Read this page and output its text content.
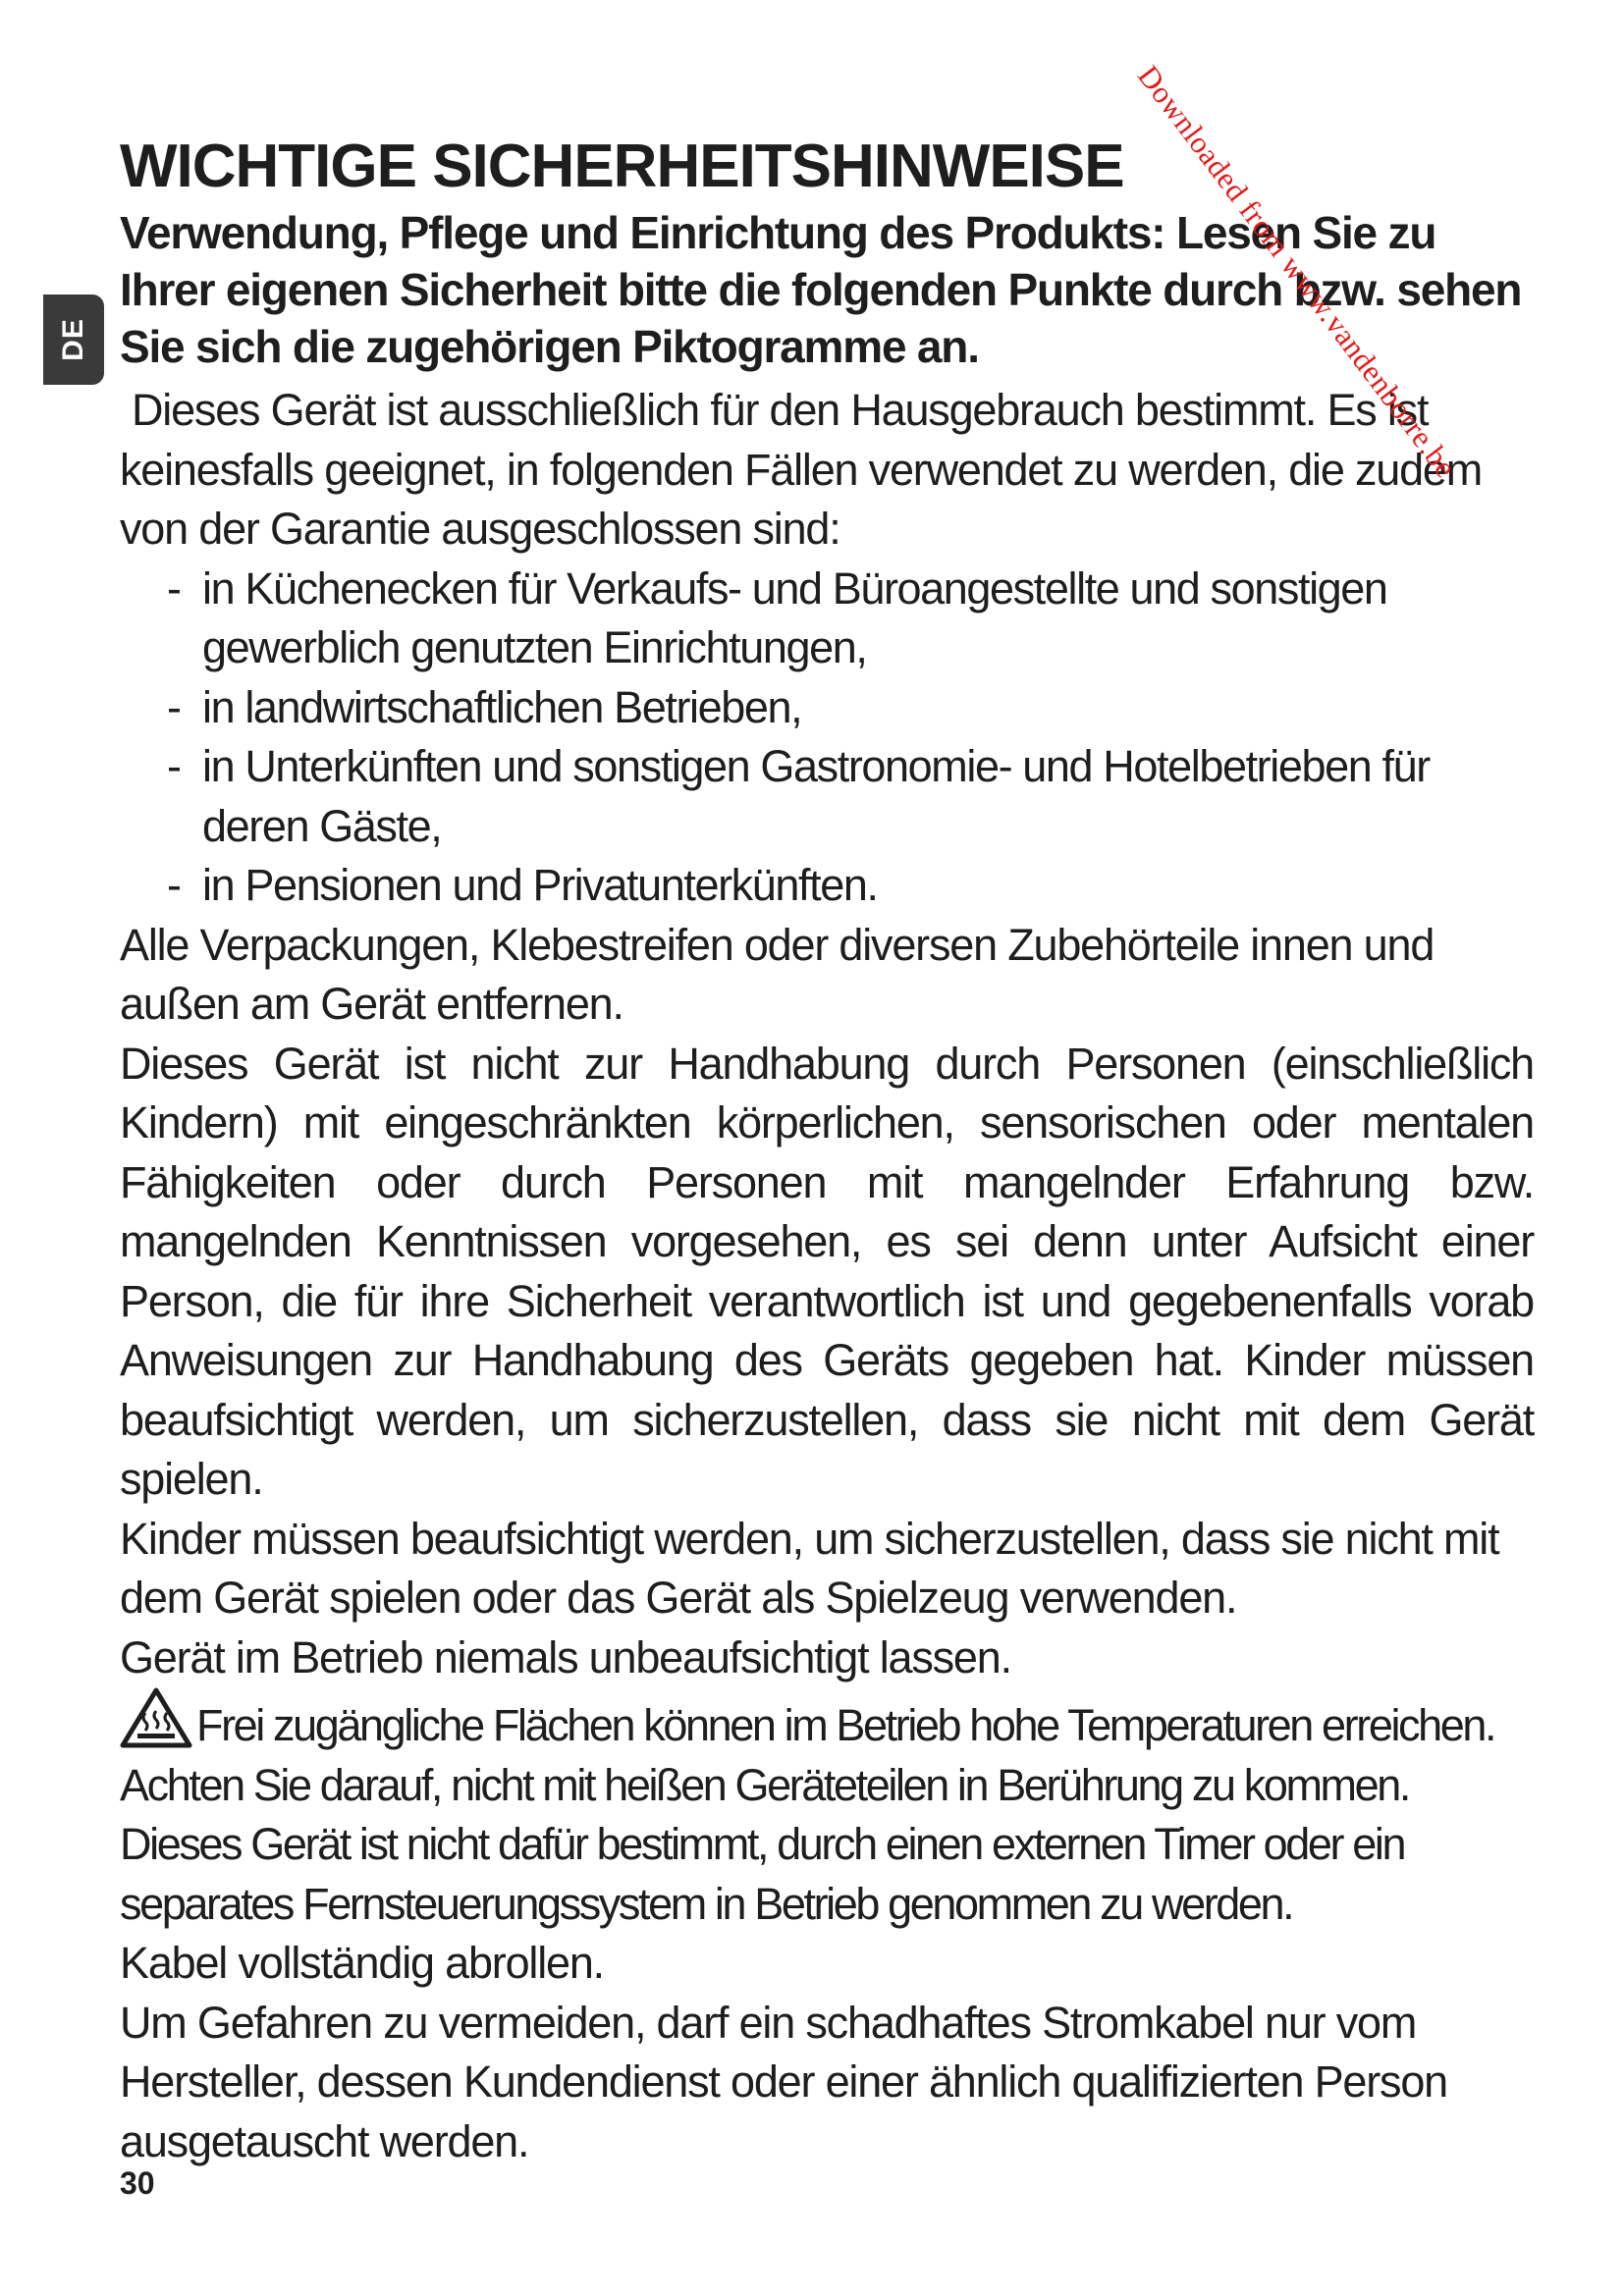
DE
WICHTIGE SICHERHEITSHINWEISE

Verwendung, Pflege und Einrichtung des Produkts: Lesen Sie zu Ihrer eigenen Sicherheit bitte die folgenden Punkte durch bzw. sehen Sie sich die zugehörigen Piktogramme an.

Dieses Gerät ist ausschließlich für den Hausgebrauch bestimmt. Es ist keinesfalls geeignet, in folgenden Fällen verwendet zu werden, die zudem von der Garantie ausgeschlossen sind:

- in Küchenecken für Verkaufs- und Büroangestellte und sonstigen gewerblich genutzten Einrichtungen,
- in landwirtschaftlichen Betrieben,
- in Unterkünften und sonstigen Gastronomie- und Hotelbetrieben für deren Gäste,
- in Pensionen und Privatunterkünften.

Alle Verpackungen, Klebestreifen oder diversen Zubehörteile innen und außen am Gerät entfernen.

Dieses Gerät ist nicht zur Handhabung durch Personen (einschließlich Kindern) mit eingeschränkten körperlichen, sensorischen oder mentalen Fähigkeiten oder durch Personen mit mangelnder Erfahrung bzw. mangelnden Kenntnissen vorgesehen, es sei denn unter Aufsicht einer Person, die für ihre Sicherheit verantwortlich ist und gegebenenfalls vorab Anweisungen zur Handhabung des Geräts gegeben hat. Kinder müssen beaufsichtigt werden, um sicherzustellen, dass sie nicht mit dem Gerät spielen.

Kinder müssen beaufsichtigt werden, um sicherzustellen, dass sie nicht mit dem Gerät spielen oder das Gerät als Spielzeug verwenden.

Gerät im Betrieb niemals unbeaufsichtigt lassen.

Frei zugängliche Flächen können im Betrieb hohe Temperaturen erreichen. Achten Sie darauf, nicht mit heißen Geräteteilen in Berührung zu kommen.

Dieses Gerät ist nicht dafür bestimmt, durch einen externen Timer oder ein separates Fernsteuerungssystem in Betrieb genommen zu werden.

Kabel vollständig abrollen.

Um Gefahren zu vermeiden, darf ein schadhaftes Stromkabel nur vom Hersteller, dessen Kundendienst oder einer ähnlich qualifizierten Person ausgetauscht werden.

30
Downloaded from www.vandenborre.be
